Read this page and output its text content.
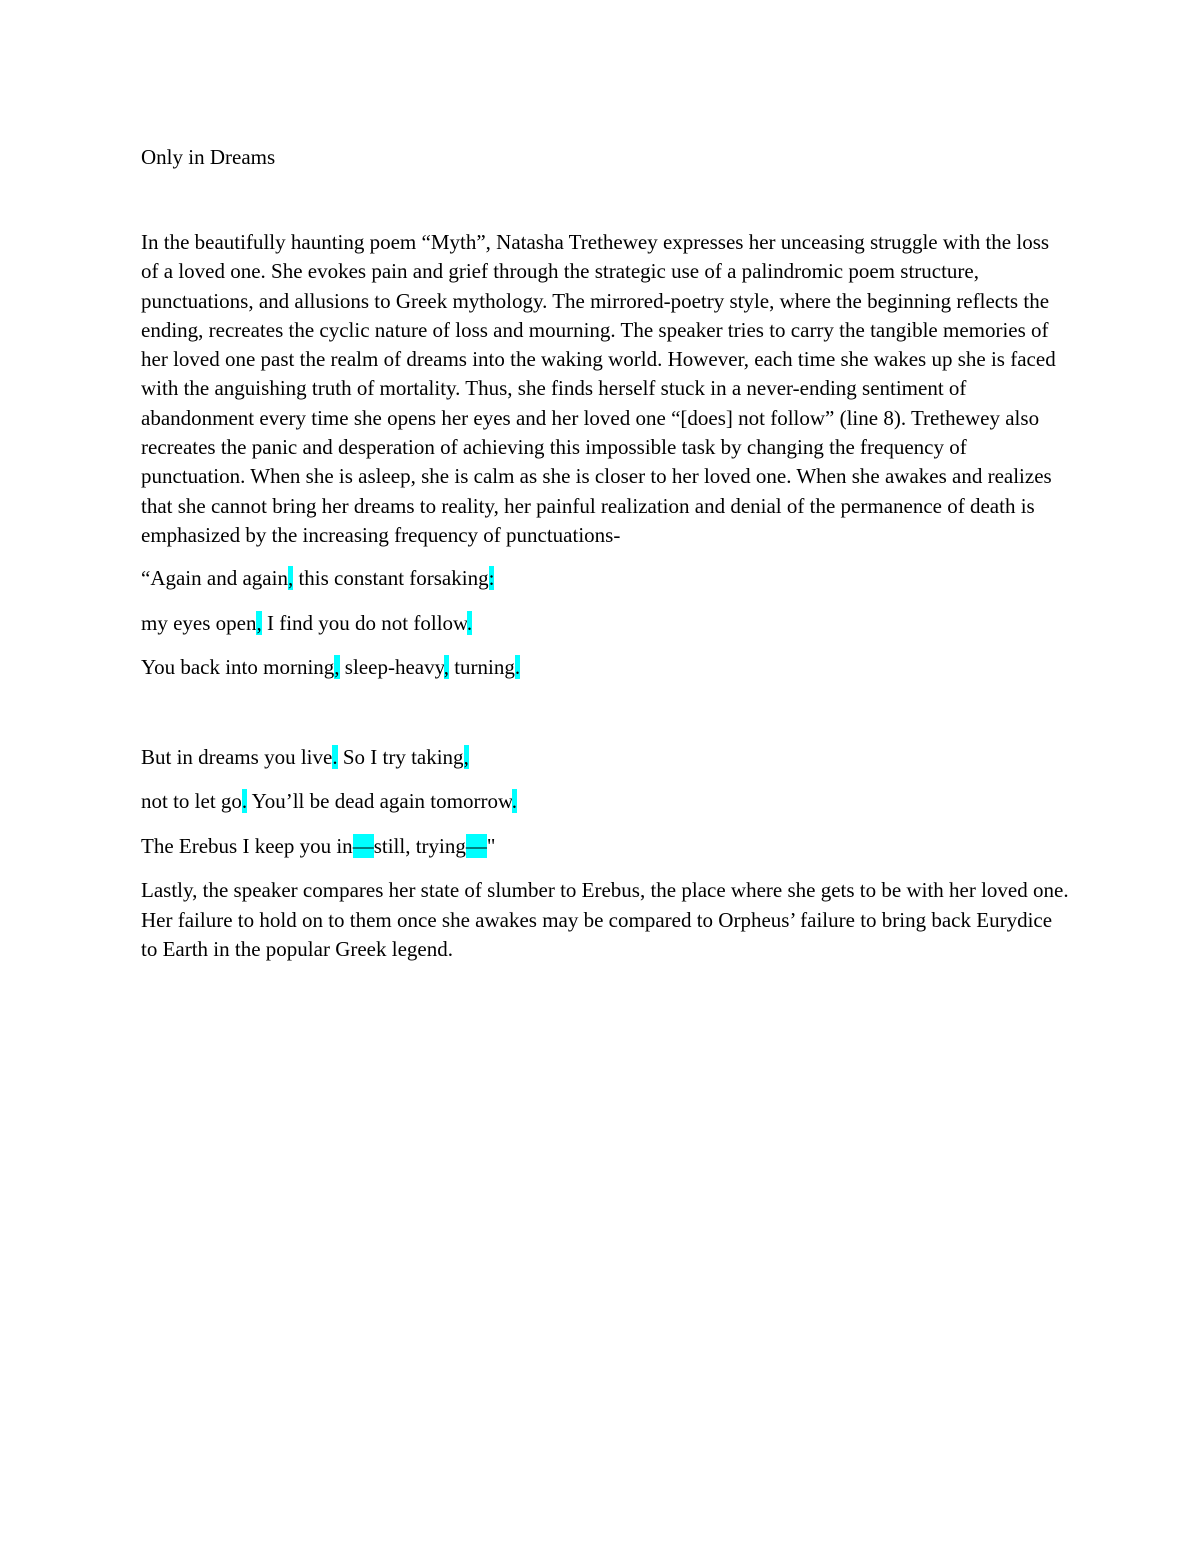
Only in Dreams

In the beautifully haunting poem “Myth”, Natasha Trethewey expresses her unceasing struggle with the loss of a loved one. She evokes pain and grief through the strategic use of a palindromic poem structure, punctuations, and allusions to Greek mythology. The mirrored-poetry style, where the beginning reflects the ending, recreates the cyclic nature of loss and mourning. The speaker tries to carry the tangible memories of her loved one past the realm of dreams into the waking world. However, each time she wakes up she is faced with the anguishing truth of mortality. Thus, she finds herself stuck in a never-ending sentiment of abandonment every time she opens her eyes and her loved one “[does] not follow” (line 8). Trethewey also recreates the panic and desperation of achieving this impossible task by changing the frequency of punctuation. When she is asleep, she is calm as she is closer to her loved one. When she awakes and realizes that she cannot bring her dreams to reality, her painful realization and denial of the permanence of death is emphasized by the increasing frequency of punctuations-

“Again and again, this constant forsaking:

my eyes open, I find you do not follow.

You back into morning, sleep-heavy, turning.

But in dreams you live. So I try taking,

not to let go. You’ll be dead again tomorrow.

The Erebus I keep you in—still, trying—"

Lastly, the speaker compares her state of slumber to Erebus, the place where she gets to be with her loved one. Her failure to hold on to them once she awakes may be compared to Orpheus’ failure to bring back Eurydice to Earth in the popular Greek legend.
